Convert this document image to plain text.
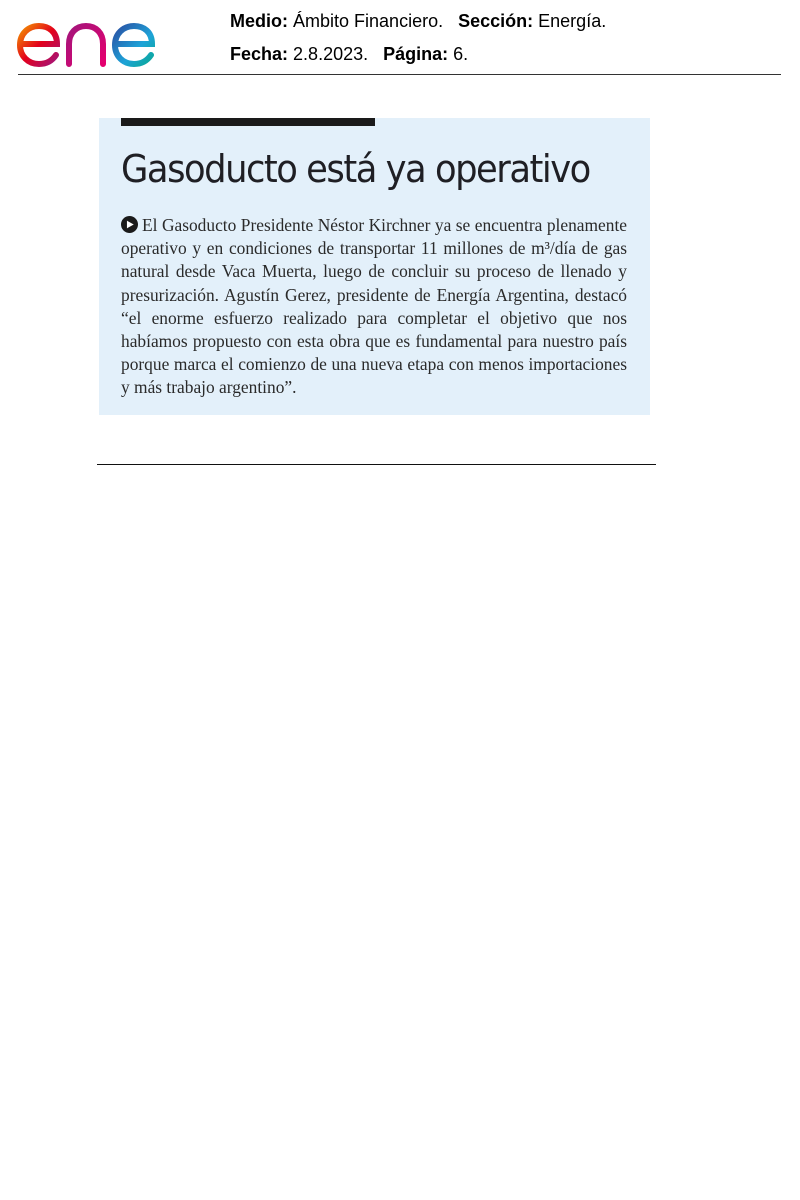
Medio: Ámbito Financiero. Sección: Energía.
Fecha: 2.8.2023. Página: 6.
Gasoducto está ya operativo

El Gasoducto Presidente Néstor Kirchner ya se encuentra plenamente operativo y en condiciones de transportar 11 millones de m³/día de gas natural desde Vaca Muerta, luego de concluir su proceso de llenado y presurización. Agustín Gerez, presidente de Energía Argentina, destacó “el enorme esfuerzo realizado para completar el objetivo que nos habíamos propuesto con esta obra que es fundamental para nuestro país porque marca el comienzo de una nueva etapa con menos importaciones y más trabajo argentino”.
